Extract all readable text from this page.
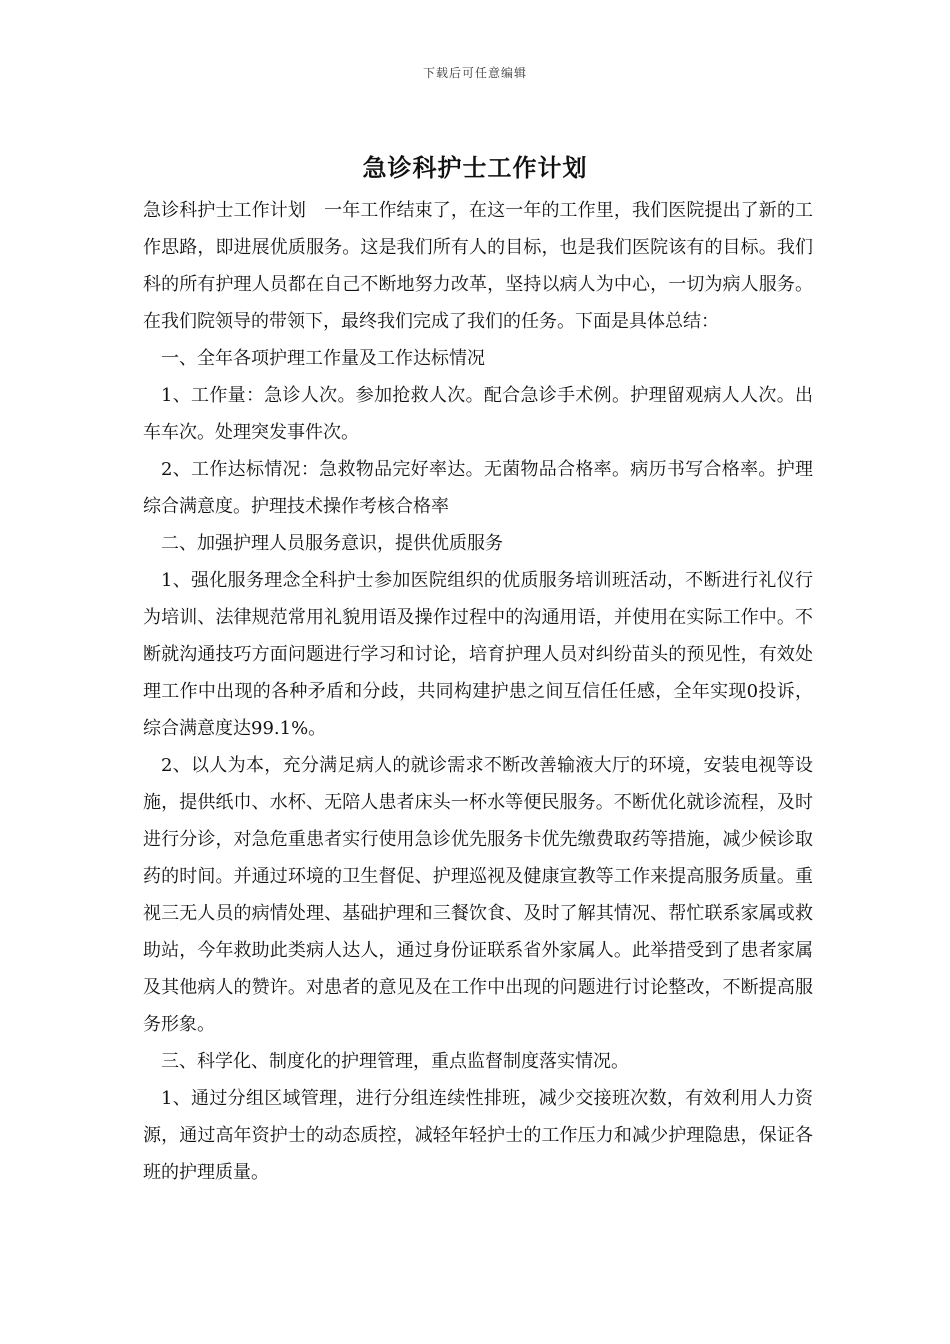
下载后可任意编辑
急诊科护士工作计划

急诊科护士工作计划　一年工作结束了，在这一年的工作里，我们医院提出了新的工作思路，即进展优质服务。这是我们所有人的目标，也是我们医院该有的目标。我们科的所有护理人员都在自己不断地努力改革，坚持以病人为中心，一切为病人服务。在我们院领导的带领下，最终我们完成了我们的任务。下面是具体总结：

一、全年各项护理工作量及工作达标情况

1、工作量：急诊人次。参加抢救人次。配合急诊手术例。护理留观病人人次。出车车次。处理突发事件次。

2、工作达标情况：急救物品完好率达。无菌物品合格率。病历书写合格率。护理综合满意度。护理技术操作考核合格率

二、加强护理人员服务意识，提供优质服务

1、强化服务理念全科护士参加医院组织的优质服务培训班活动，不断进行礼仪行为培训、法律规范常用礼貌用语及操作过程中的沟通用语，并使用在实际工作中。不断就沟通技巧方面问题进行学习和讨论，培育护理人员对纠纷苗头的预见性，有效处理工作中出现的各种矛盾和分歧，共同构建护患之间互信任任感，全年实现0投诉，综合满意度达99.1%。

2、以人为本，充分满足病人的就诊需求不断改善输液大厅的环境，安装电视等设施，提供纸巾、水杯、无陪人患者床头一杯水等便民服务。不断优化就诊流程，及时进行分诊，对急危重患者实行使用急诊优先服务卡优先缴费取药等措施，减少候诊取药的时间。并通过环境的卫生督促、护理巡视及健康宣教等工作来提高服务质量。重视三无人员的病情处理、基础护理和三餐饮食、及时了解其情况、帮忙联系家属或救助站，今年救助此类病人达人，通过身份证联系省外家属人。此举措受到了患者家属及其他病人的赞许。对患者的意见及在工作中出现的问题进行讨论整改，不断提高服务形象。

三、科学化、制度化的护理管理，重点监督制度落实情况。

1、通过分组区域管理，进行分组连续性排班，减少交接班次数，有效利用人力资源，通过高年资护士的动态质控，减轻年轻护士的工作压力和减少护理隐患，保证各班的护理质量。
